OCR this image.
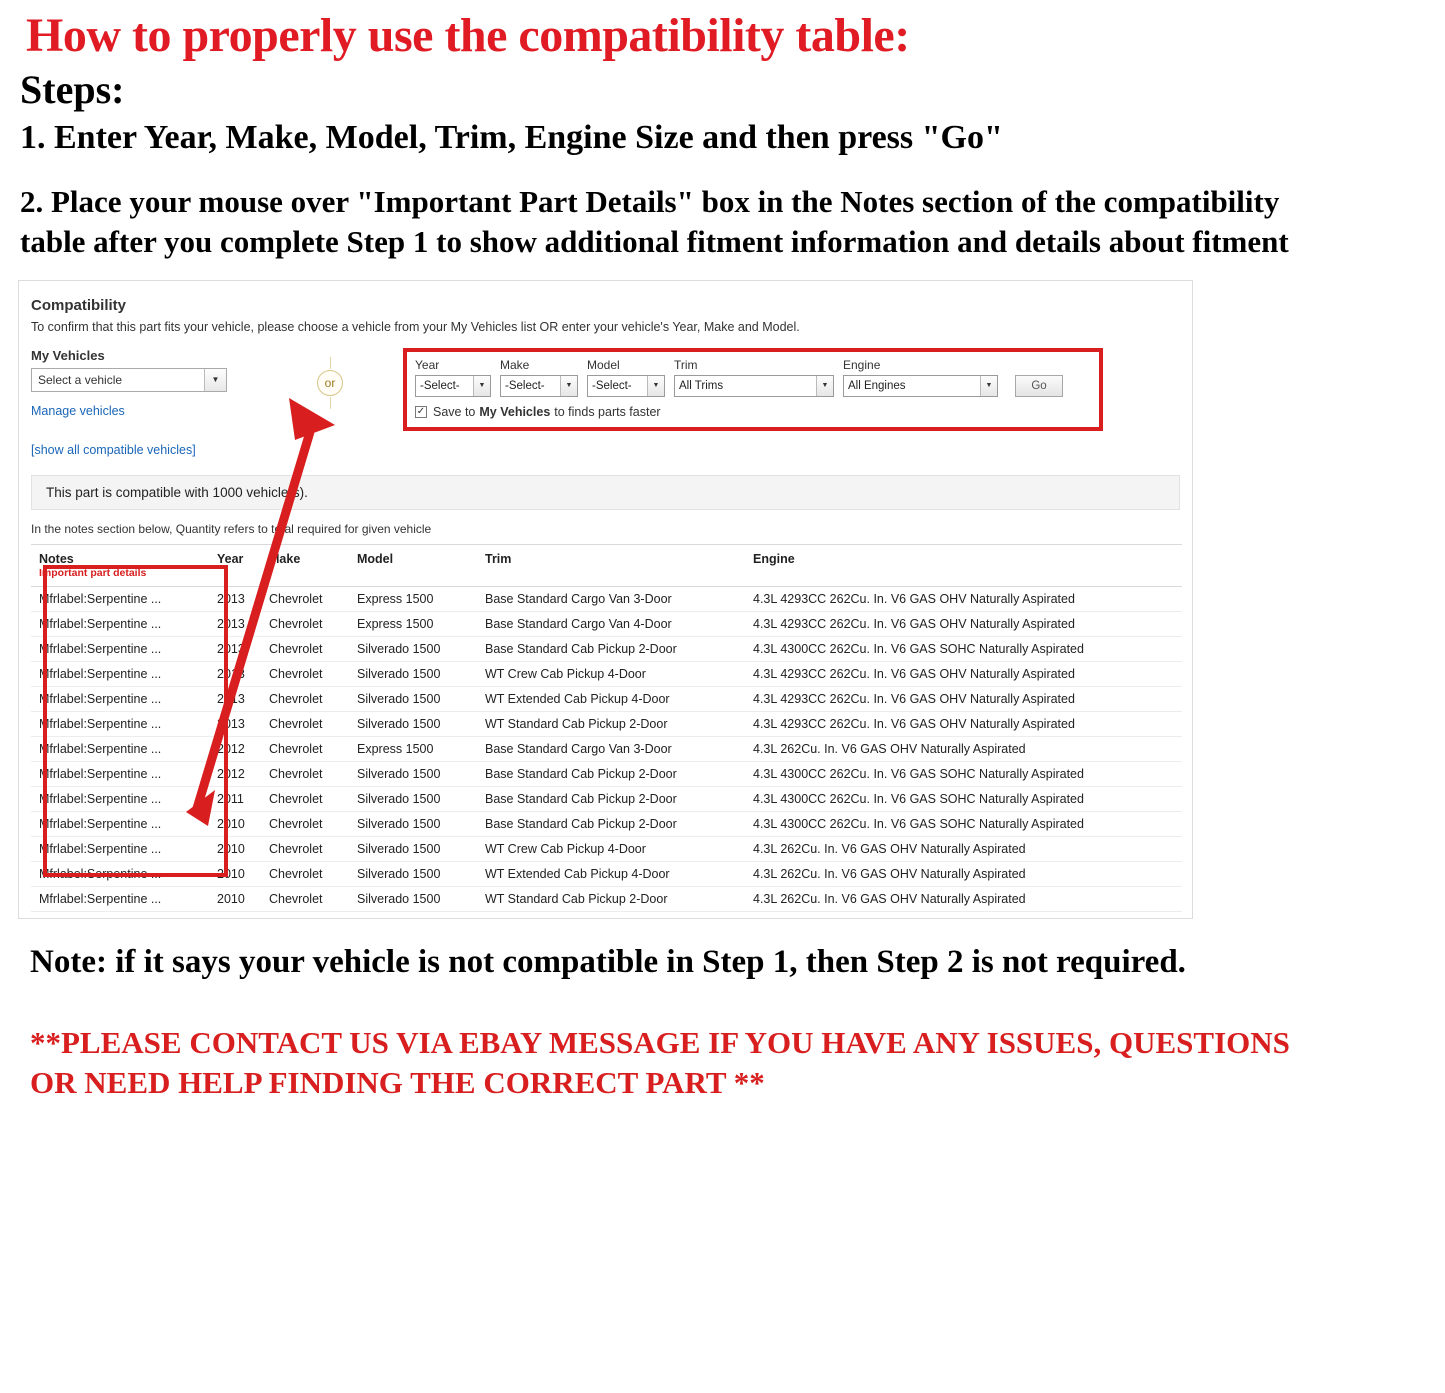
How to properly use the compatibility table:
Steps:

1. Enter Year, Make, Model, Trim, Engine Size and then press "Go"

2. Place your mouse over "Important Part Details" box in the Notes section of the compatibility table after you complete Step 1 to show additional fitment information and details about fitment

Compatibility
To confirm that this part fits your vehicle, please choose a vehicle from your My Vehicles list OR enter your vehicle's Year, Make and Model.
My Vehicles
Select a vehicle	▼
Manage vehicles
or
Year
-Select-	▼
Make
-Select-	▼
Model
-Select-	▼
Trim
All Trims	▼
Engine
All Engines	▼	Go
✓ Save to My Vehicles to finds parts faster
[show all compatible vehicles]
This part is compatible with 1000 vehicle(s).
In the notes section below, Quantity refers to total required for given vehicle
Notes
Important part details	Year	Make	Model	Trim	Engine
Mfrlabel:Serpentine ...	2013	Chevrolet	Express 1500	Base Standard Cargo Van 3-Door	4.3L 4293CC 262Cu. In. V6 GAS OHV Naturally Aspirated
Mfrlabel:Serpentine ...	2013	Chevrolet	Express 1500	Base Standard Cargo Van 4-Door	4.3L 4293CC 262Cu. In. V6 GAS OHV Naturally Aspirated
Mfrlabel:Serpentine ...	2013	Chevrolet	Silverado 1500	Base Standard Cab Pickup 2-Door	4.3L 4300CC 262Cu. In. V6 GAS SOHC Naturally Aspirated
Mfrlabel:Serpentine ...	2013	Chevrolet	Silverado 1500	WT Crew Cab Pickup 4-Door	4.3L 4293CC 262Cu. In. V6 GAS OHV Naturally Aspirated
Mfrlabel:Serpentine ...	2013	Chevrolet	Silverado 1500	WT Extended Cab Pickup 4-Door	4.3L 4293CC 262Cu. In. V6 GAS OHV Naturally Aspirated
Mfrlabel:Serpentine ...	2013	Chevrolet	Silverado 1500	WT Standard Cab Pickup 2-Door	4.3L 4293CC 262Cu. In. V6 GAS OHV Naturally Aspirated
Mfrlabel:Serpentine ...	2012	Chevrolet	Express 1500	Base Standard Cargo Van 3-Door	4.3L 262Cu. In. V6 GAS OHV Naturally Aspirated
Mfrlabel:Serpentine ...	2012	Chevrolet	Silverado 1500	Base Standard Cab Pickup 2-Door	4.3L 4300CC 262Cu. In. V6 GAS SOHC Naturally Aspirated
Mfrlabel:Serpentine ...	2011	Chevrolet	Silverado 1500	Base Standard Cab Pickup 2-Door	4.3L 4300CC 262Cu. In. V6 GAS SOHC Naturally Aspirated
Mfrlabel:Serpentine ...	2010	Chevrolet	Silverado 1500	Base Standard Cab Pickup 2-Door	4.3L 4300CC 262Cu. In. V6 GAS SOHC Naturally Aspirated
Mfrlabel:Serpentine ...	2010	Chevrolet	Silverado 1500	WT Crew Cab Pickup 4-Door	4.3L 262Cu. In. V6 GAS OHV Naturally Aspirated
Mfrlabel:Serpentine ...	2010	Chevrolet	Silverado 1500	WT Extended Cab Pickup 4-Door	4.3L 262Cu. In. V6 GAS OHV Naturally Aspirated
Mfrlabel:Serpentine ...	2010	Chevrolet	Silverado 1500	WT Standard Cab Pickup 2-Door	4.3L 262Cu. In. V6 GAS OHV Naturally Aspirated

Note: if it says your vehicle is not compatible in Step 1, then Step 2 is not required.

**PLEASE CONTACT US VIA EBAY MESSAGE IF YOU HAVE ANY ISSUES, QUESTIONS OR NEED HELP FINDING THE CORRECT PART **
